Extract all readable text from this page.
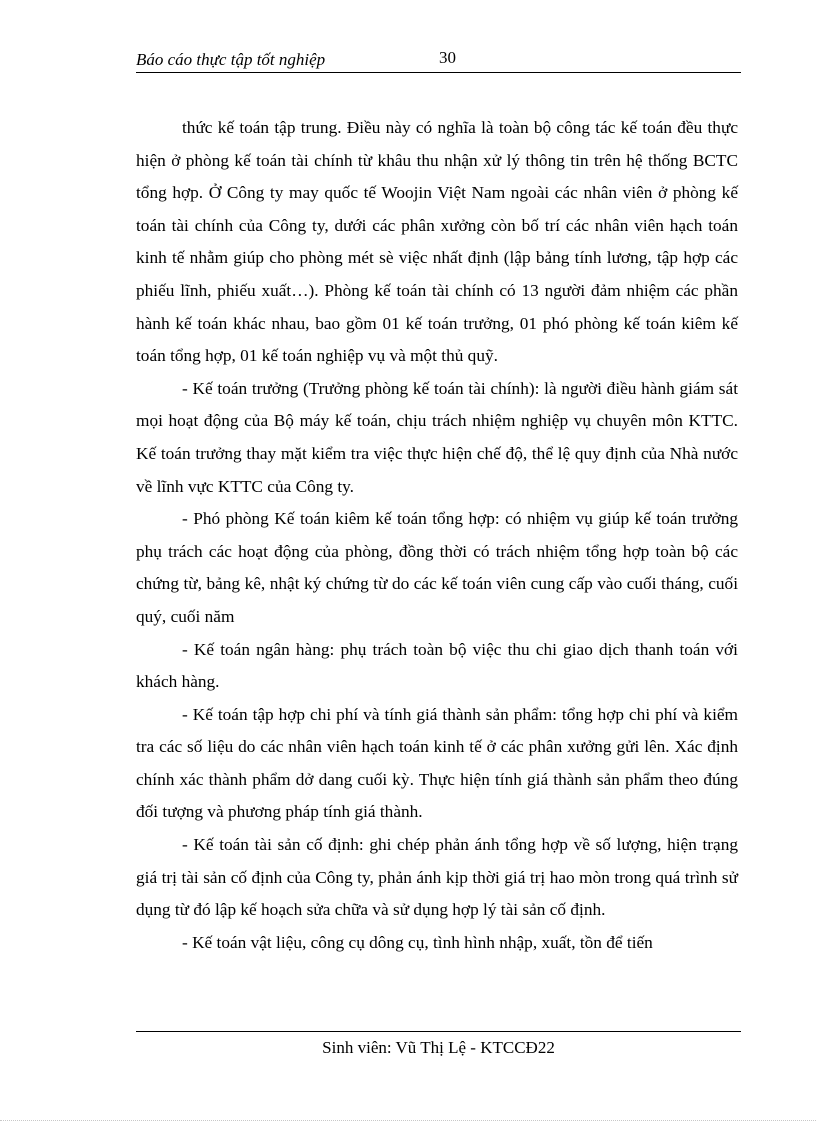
Báo cáo thực tập tốt nghiệp	30

thức kế toán tập trung. Điều này có nghĩa là toàn bộ công tác kế toán đều thực hiện ở phòng kế toán tài chính từ khâu thu nhận xử lý thông tin trên hệ thống BCTC tổng hợp. Ở Công ty may quốc tế Woojin Việt Nam ngoài các nhân viên ở phòng kế toán tài chính của Công ty, dưới các phân xưởng còn bố trí các nhân viên hạch toán kinh tế nhằm giúp cho phòng mét sè việc nhất định (lập bảng tính lương, tập hợp các phiếu lĩnh, phiếu xuất…). Phòng kế toán tài chính có 13 người đảm nhiệm các phần hành kế toán khác nhau, bao gồm 01 kế toán trưởng, 01 phó phòng kế toán kiêm kế toán tổng hợp, 01 kế toán nghiệp vụ và một thủ quỹ.

- Kế toán trưởng (Trưởng phòng kế toán tài chính): là người điều hành giám sát mọi hoạt động của Bộ máy kế toán, chịu trách nhiệm nghiệp vụ chuyên môn KTTC. Kế toán trưởng thay mặt kiểm tra việc thực hiện chế độ, thể lệ quy định của Nhà nước về lĩnh vực KTTC của Công ty.

- Phó phòng Kế toán kiêm kế toán tổng hợp: có nhiệm vụ giúp kế toán trưởng phụ trách các hoạt động của phòng, đồng thời có trách nhiệm tổng hợp toàn bộ các chứng từ, bảng kê, nhật ký chứng từ do các kế toán viên cung cấp vào cuối tháng, cuối quý, cuối năm

- Kế toán ngân hàng: phụ trách toàn bộ việc thu chi giao dịch thanh toán với khách hàng.

- Kế toán tập hợp chi phí và tính giá thành sản phẩm: tổng hợp chi phí và kiểm tra các số liệu do các nhân viên hạch toán kinh tế ở các phân xưởng gửi lên. Xác định chính xác thành phẩm dở dang cuối kỳ. Thực hiện tính giá thành sản phẩm theo đúng đối tượng và phương pháp tính giá thành.

- Kế toán tài sản cố định: ghi chép phản ánh tổng hợp về số lượng, hiện trạng giá trị tài sản cố định của Công ty, phản ánh kịp thời giá trị hao mòn trong quá trình sử dụng từ đó lập kế hoạch sửa chữa và sử dụng hợp lý tài sản cố định.

- Kế toán vật liệu, công cụ dông cụ, tình hình nhập, xuất, tồn để tiến

Sinh viên: Vũ Thị Lệ - KTCCĐ22
